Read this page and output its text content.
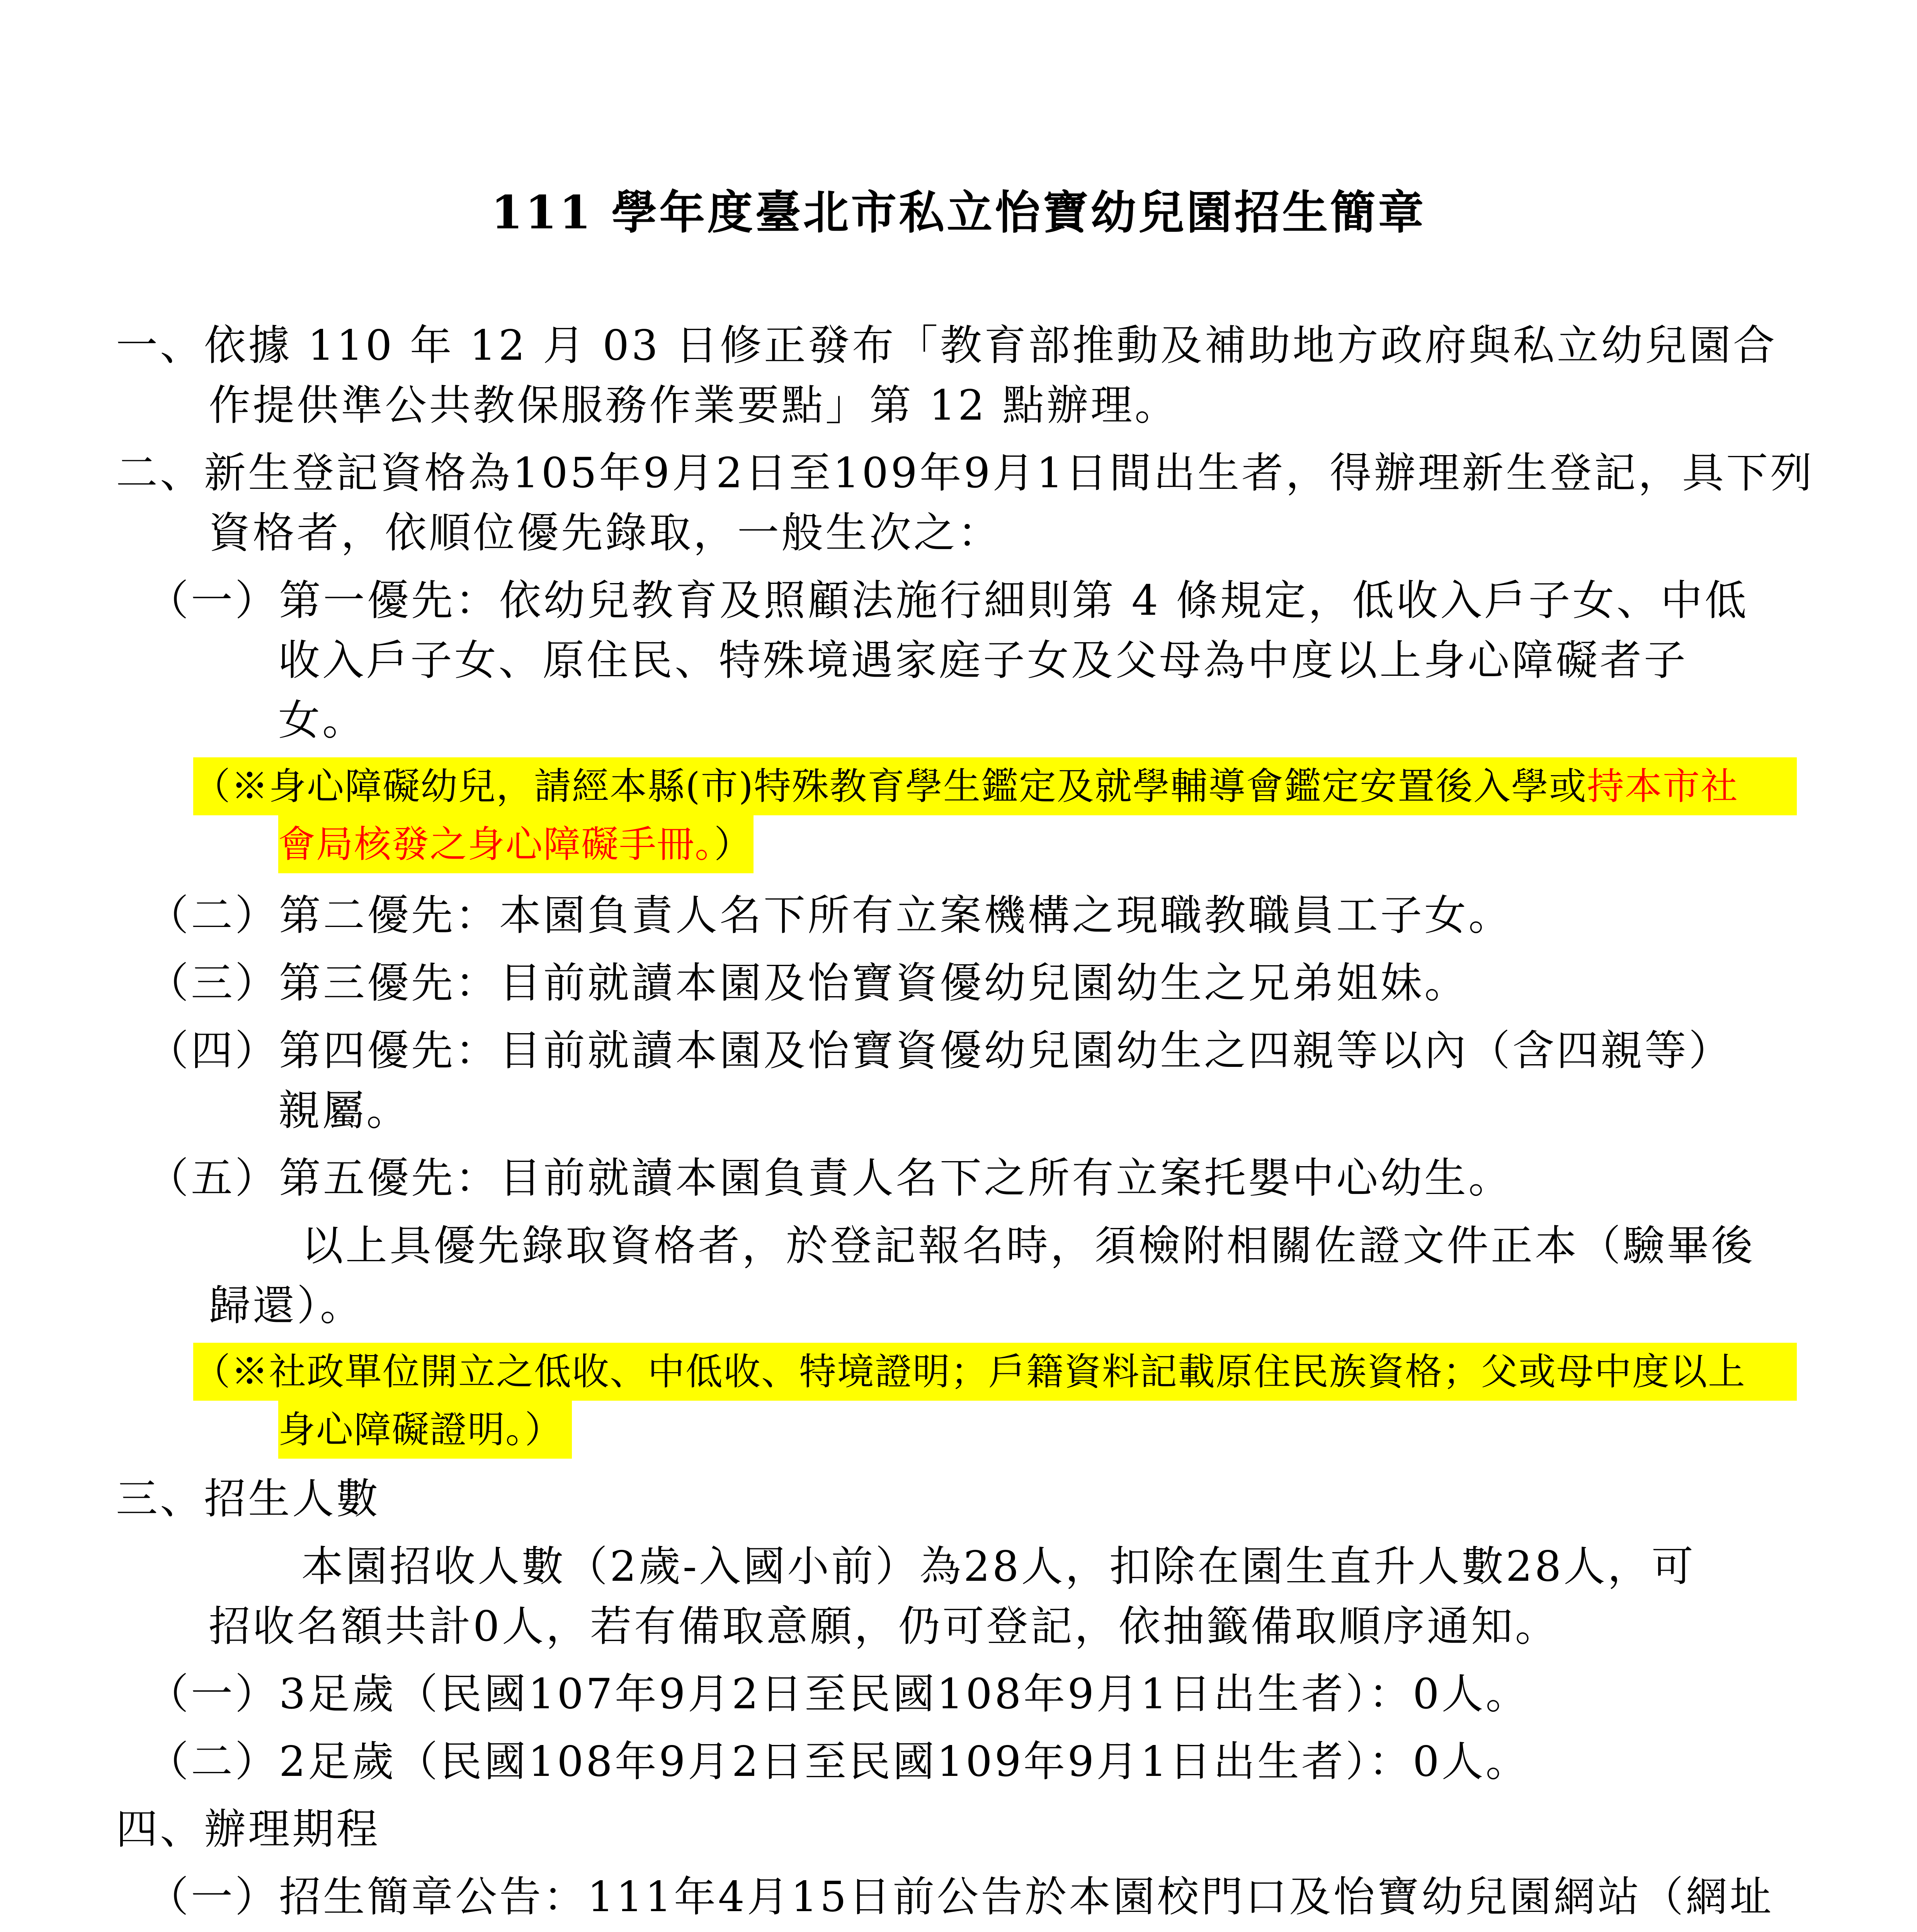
111 學年度臺北市私立怡寶幼兒園招生簡章
一、依據 110 年 12 月 03 日修正發布「教育部推動及補助地方政府與私立幼兒園合
作提供準公共教保服務作業要點」第 12 點辦理。
二、新生登記資格為105年9月2日至109年9月1日間出生者，得辦理新生登記，具下列
資格者，依順位優先錄取，一般生次之：
（一）第一優先：依幼兒教育及照顧法施行細則第 4 條規定，低收入戶子女、中低
收入戶子女、原住民、特殊境遇家庭子女及父母為中度以上身心障礙者子
女。
（※身心障礙幼兒，請經本縣(市)特殊教育學生鑑定及就學輔導會鑑定安置後入學或持本市社
會局核發之身心障礙手冊。）
（二）第二優先：本園負責人名下所有立案機構之現職教職員工子女。
（三）第三優先：目前就讀本園及怡寶資優幼兒園幼生之兄弟姐妹。
（四）第四優先：目前就讀本園及怡寶資優幼兒園幼生之四親等以內（含四親等）
親屬。
（五）第五優先：目前就讀本園負責人名下之所有立案托嬰中心幼生。
以上具優先錄取資格者，於登記報名時，須檢附相關佐證文件正本（驗畢後
歸還）。
（※社政單位開立之低收、中低收、特境證明；戶籍資料記載原住民族資格；父或母中度以上
身心障礙證明。）
三、招生人數
本園招收人數（2歲-入國小前）為28人，扣除在園生直升人數28人，可
招收名額共計0人，若有備取意願，仍可登記，依抽籤備取順序通知。
（一）3足歲（民國107年9月2日至民國108年9月1日出生者）：0人。
（二）2足歲（民國108年9月2日至民國109年9月1日出生者）：0人。
四、辦理期程
（一）招生簡章公告：111年4月15日前公告於本園校門口及怡寶幼兒園網站（網址
